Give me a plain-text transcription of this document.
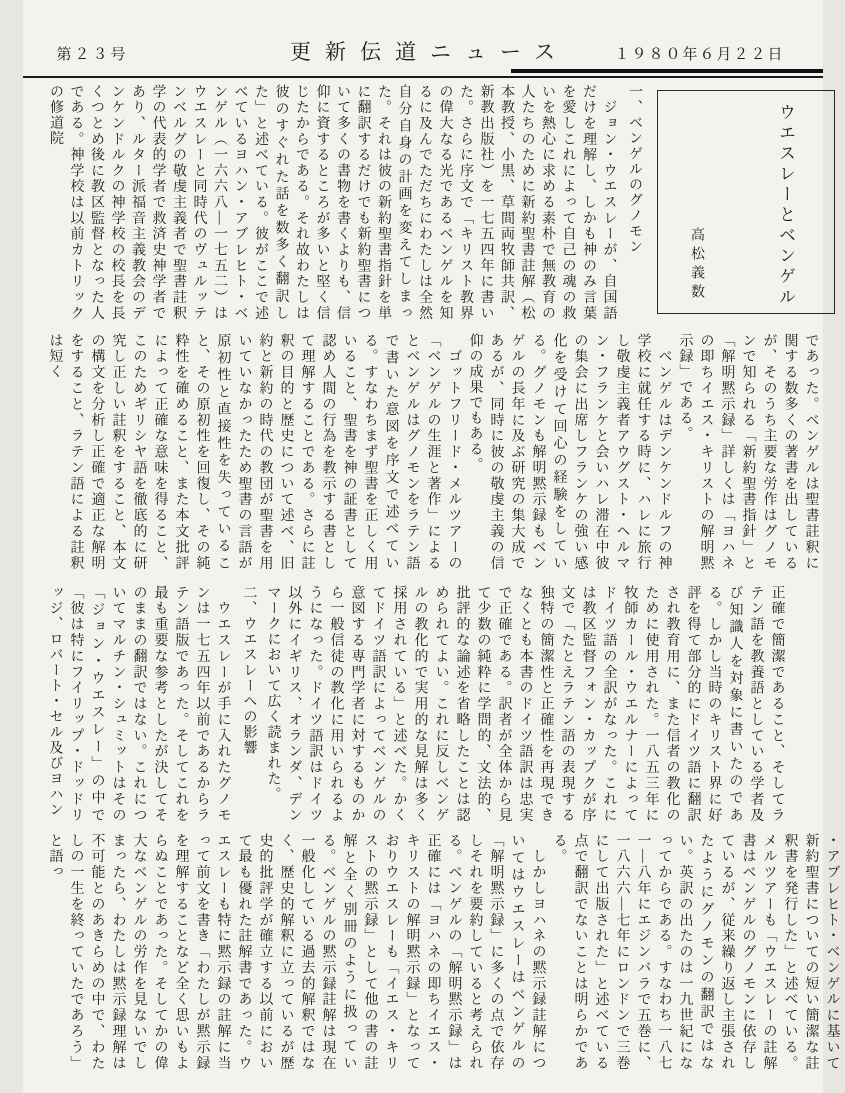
第２３号	更新伝道ニュース	１９８０年６月２２日

一、ベンゲルのグノモン

　ジョン・ウエスレーが、自国語だけを理解し、しかも神のみ言葉を愛しこれによって自己の魂の救いを熱心に求める素朴で無教育の人たちのために新約聖書註解（松本教授、小黒、草間両牧師共訳、新教出版社）を一七五四年に書いた。さらに序文で「キリスト教界の偉大なる光であるベンゲルを知るに及んでただちにわたしは全然自分自身の計画を変えてしまった。それは彼の新約聖書指針を単に翻訳するだけでも新約聖書について多くの書物を書くよりも、信仰に資するところが多いと堅く信じたからである。それ故わたしは彼のすぐれた話を数多く翻訳した」と述べている。彼がここで述べているヨハン・アブレヒト・ベンゲル（一六六八―一七五二）はウエスレーと同時代のヴュルッテンベルグの敬虔主義者で聖書註釈学の代表的学者で救済史神学者であり、ルター派福音主義教会のデンケンドルクの神学校の校長を長くつとめ後に教区監督となった人である。神学校は以前カトリックの修道院	ウエスレーとベンゲル
高松義数

であった。ベンゲルは聖書註釈に関する数多くの著書を出しているが、そのうち主要な労作はグノモンで知られる「新約聖書指針」と「解明黙示録」詳しくは「ヨハネの即ちイエス・キリストの解明黙示録」である。

　ベンゲルはデンケンドルフの神学校に就任する時に、ハレに旅行し敬虔主義者アウグスト・ヘルマン・フランケと会いハレ滞在中彼の集会に出席しフランケの強い感化を受けて回心の経験をしている。グノモンも解明黙示録もベンゲルの長年に及ぶ研究の集大成であるが、同時に彼の敬虔主義の信仰の成果でもある。

　ゴットフリード・メルツアーの「ベンゲルの生涯と著作」によるとベンゲルはグノモンをラテン語で書いた意図を序文で述べている。すなわちまず聖書を正しく用いること、聖書を神の証書として認め人間の行為を教示する書として理解することである。さらに註釈の目的と歴史について述べ、旧約と新約の時代の教団が聖書を用いていなかったため聖書の言語が原初性と直接性を失っていること、その原初性を回復し、その純粋性を確めること、また本文批評によって正確な意味を得ること、このためギリシヤ語を徹底的に研究し正しい註釈をすること、本文の構文を分析し正確で適正な解明をすること、ラテン語による註釈は短く

正確で簡潔であること、そしてラテン語を教養語としている学者及び知識人を対象に書いたのである。しかし当時のキリスト界に好評を得て部分的にドイツ語に翻訳され教育用に、また信者の教化のために使用された。一八五三年に牧師カール・ウエルナーによってドイツ語の全訳がなった。これには教区監督フォン・カップクが序文で「たとえラテン語の表現する独特の簡潔性と正確性を再現できなくとも本書のドイツ語訳は忠実で正確である。訳者が全体から見て少数の純粋に学問的、文法的、批評的な論述を省略したことは認められてよい。これに反しベンゲルの教化的で実用的な見解は多く採用されている」と述べた。かくてドイツ語訳によってベンゲルの意図する専門学者に対するものから一般信徒の教化に用いられるようになった。ドイツ語訳はドイツ以外にイギリス、オランダ、デンマークにおいて広く読まれた。

二、ウエスレーへの影響

　ウエスレーが手に入れたグノモンは一七五四年以前であるからラテン語版であった。そしてこれを最も重要な参考としたが決してそのままの翻訳ではない。これについてマルチン・シュミットはその「ジョン・ウエスレー」の中で「彼は特にフイリップ・ドッドリッジ、ロバート・セル及びヨハン

・アブレヒト・ベンゲルに基いて新約聖書についての短い簡潔な註釈書を発行した」と述べている。メルツアーも「ウエスレーの註解書はベンゲルのグノモンに依存しているが、従来繰り返し主張されたようにグノモンの翻訳ではない。英訳の出たのは一九世紀になってからである。すなわち一八七一―八年にエジンバラで五巻に、一八六六―七年にロンドンで三巻にして出版された」と述べている点で翻訳でないことは明らかである。

　しかしヨハネの黙示録註解についてはウエスレーはベンゲルの「解明黙示録」に多くの点で依存しそれを要約していると考えられる。ベンゲルの「解明黙示録」は正確には「ヨハネの即ちイエス・キリストの解明黙示録」となっておりウエスレーも「イエス・キリストの黙示録」として他の書の註解と全く別冊のように扱っている。ベンゲルの黙示録註解は現在一般化している過去的解釈ではなく、歴史的解釈に立っているが歴史的批評学が確立する以前において最も優れた註解書であった。ウエスレーも特に黙示録の註解に当って前文を書き「わたしが黙示録を理解することなど全く思いもよらぬことであった。そしてかの偉大なベンゲルの労作を見ないでしまったら、わたしは黙示録理解は不可能とのあきらめの中で、わたしの一生を終っていたであろう」と語っ
